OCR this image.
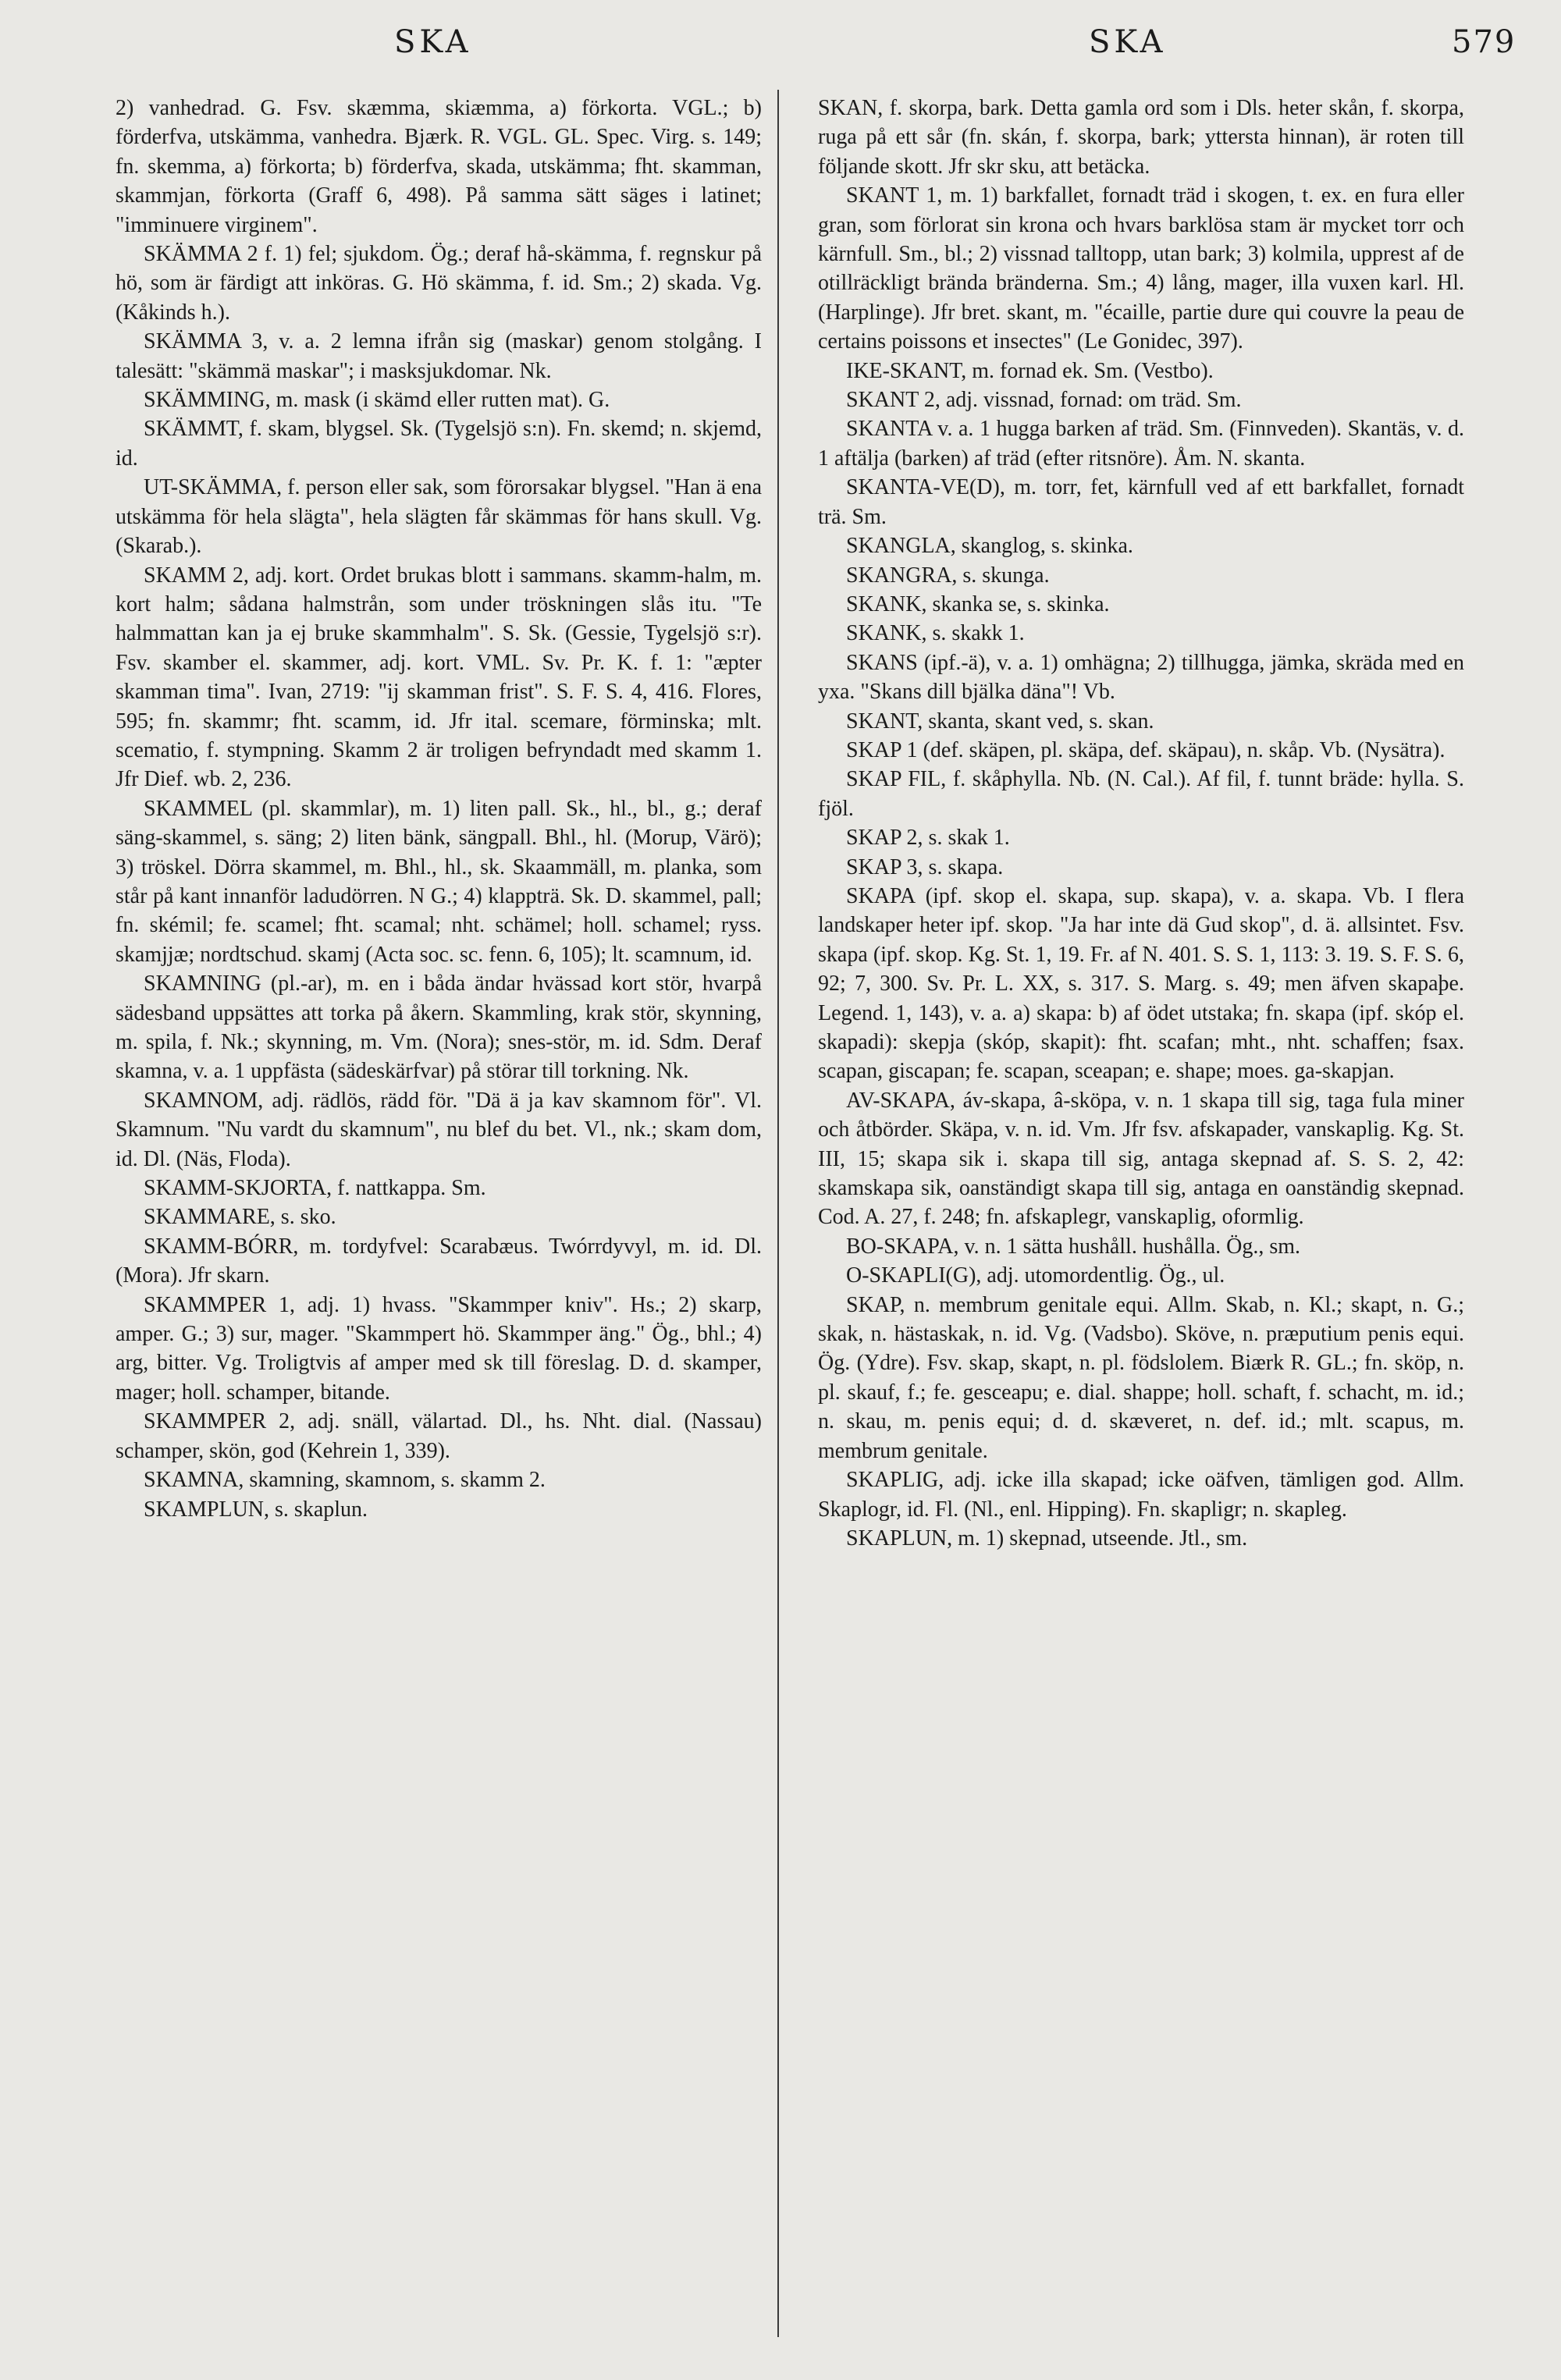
SKA	SKA	579

2) vanhedrad. G. Fsv. skæmma, skiæmma, a) förkorta. VGL.; b) förderfva, utskämma, vanhedra. Bjærk. R. VGL. GL. Spec. Virg. s. 149; fn. skemma, a) förkorta; b) förderfva, skada, utskämma; fht. skamman, skammjan, förkorta (Graff 6, 498). På samma sätt säges i latinet; "imminuere virginem".

SKÄMMA 2 f. 1) fel; sjukdom. Ög.; deraf hå-skämma, f. regnskur på hö, som är färdigt att inköras. G. Hö skämma, f. id. Sm.; 2) skada. Vg. (Kåkinds h.).

SKÄMMA 3, v. a. 2 lemna ifrån sig (maskar) genom stolgång. I talesätt: "skämmä maskar"; i masksjukdomar. Nk.

SKÄMMING, m. mask (i skämd eller rutten mat). G.

SKÄMMT, f. skam, blygsel. Sk. (Tygelsjö s:n). Fn. skemd; n. skjemd, id.

UT-SKÄMMA, f. person eller sak, som förorsakar blygsel. "Han ä ena utskämma för hela slägta", hela slägten får skämmas för hans skull. Vg. (Skarab.).

SKAMM 2, adj. kort. Ordet brukas blott i sammans. skamm-halm, m. kort halm; sådana halmstrån, som under tröskningen slås itu. "Te halmmattan kan ja ej bruke skammhalm". S. Sk. (Gessie, Tygelsjö s:r). Fsv. skamber el. skammer, adj. kort. VML. Sv. Pr. K. f. 1: "æpter skamman tima". Ivan, 2719: "ij skamman frist". S. F. S. 4, 416. Flores, 595; fn. skammr; fht. scamm, id. Jfr ital. scemare, förminska; mlt. scematio, f. stympning. Skamm 2 är troligen befryndadt med skamm 1. Jfr Dief. wb. 2, 236.

SKAMMEL (pl. skammlar), m. 1) liten pall. Sk., hl., bl., g.; deraf säng-skammel, s. säng; 2) liten bänk, sängpall. Bhl., hl. (Morup, Värö); 3) tröskel. Dörra skammel, m. Bhl., hl., sk. Skaammäll, m. planka, som står på kant innanför ladudörren. N G.; 4) klappträ. Sk. D. skammel, pall; fn. skémil; fe. scamel; fht. scamal; nht. schämel; holl. schamel; ryss. skamjjæ; nordtschud. skamj (Acta soc. sc. fenn. 6, 105); lt. scamnum, id.

SKAMNING (pl.-ar), m. en i båda ändar hvässad kort stör, hvarpå sädesband uppsättes att torka på åkern. Skammling, krak stör, skynning, m. spila, f. Nk.; skynning, m. Vm. (Nora); snes-stör, m. id. Sdm. Deraf skamna, v. a. 1 uppfästa (sädeskärfvar) på störar till torkning. Nk.

SKAMNOM, adj. rädlös, rädd för. "Dä ä ja kav skamnom för". Vl. Skamnum. "Nu vardt du skamnum", nu blef du bet. Vl., nk.; skam dom, id. Dl. (Näs, Floda).

SKAMM-SKJORTA, f. nattkappa. Sm.

SKAMMARE, s. sko.

SKAMM-BÓRR, m. tordyfvel: Scarabæus. Twórrdyvyl, m. id. Dl. (Mora). Jfr skarn.

SKAMMPER 1, adj. 1) hvass. "Skammper kniv". Hs.; 2) skarp, amper. G.; 3) sur, mager. "Skammpert hö. Skammper äng." Ög., bhl.; 4) arg, bitter. Vg. Troligtvis af amper med sk till föreslag. D. d. skamper, mager; holl. schamper, bitande.

SKAMMPER 2, adj. snäll, välartad. Dl., hs. Nht. dial. (Nassau) schamper, skön, god (Kehrein 1, 339).

SKAMNA, skamning, skamnom, s. skamm 2.

SKAMPLUN, s. skaplun.

SKAN, f. skorpa, bark. Detta gamla ord som i Dls. heter skån, f. skorpa, ruga på ett sår (fn. skán, f. skorpa, bark; yttersta hinnan), är roten till följande skott. Jfr skr sku, att betäcka.

SKANT 1, m. 1) barkfallet, fornadt träd i skogen, t. ex. en fura eller gran, som förlorat sin krona och hvars barklösa stam är mycket torr och kärnfull. Sm., bl.; 2) vissnad talltopp, utan bark; 3) kolmila, upprest af de otillräckligt brända bränderna. Sm.; 4) lång, mager, illa vuxen karl. Hl. (Harplinge). Jfr bret. skant, m. "écaille, partie dure qui couvre la peau de certains poissons et insectes" (Le Gonidec, 397).

IKE-SKANT, m. fornad ek. Sm. (Vestbo).

SKANT 2, adj. vissnad, fornad: om träd. Sm.

SKANTA v. a. 1 hugga barken af träd. Sm. (Finnveden). Skantäs, v. d. 1 aftälja (barken) af träd (efter ritsnöre). Åm. N. skanta.

SKANTA-VE(D), m. torr, fet, kärnfull ved af ett barkfallet, fornadt trä. Sm.

SKANGLA, skanglog, s. skinka.

SKANGRA, s. skunga.

SKANK, skanka se, s. skinka.

SKANK, s. skakk 1.

SKANS (ipf.-ä), v. a. 1) omhägna; 2) tillhugga, jämka, skräda med en yxa. "Skans dill bjälka däna"! Vb.

SKANT, skanta, skant ved, s. skan.

SKAP 1 (def. skäpen, pl. skäpa, def. skäpau), n. skåp. Vb. (Nysätra).

SKAP FIL, f. skåphylla. Nb. (N. Cal.). Af fil, f. tunnt bräde: hylla. S. fjöl.

SKAP 2, s. skak 1.

SKAP 3, s. skapa.

SKAPA (ipf. skop el. skapa, sup. skapa), v. a. skapa. Vb. I flera landskaper heter ipf. skop. "Ja har inte dä Gud skop", d. ä. allsintet. Fsv. skapa (ipf. skop. Kg. St. 1, 19. Fr. af N. 401. S. S. 1, 113: 3. 19. S. F. S. 6, 92; 7, 300. Sv. Pr. L. XX, s. 317. S. Marg. s. 49; men äfven skapaþe. Legend. 1, 143), v. a. a) skapa: b) af ödet utstaka; fn. skapa (ipf. skóp el. skapadi): skepja (skóp, skapit): fht. scafan; mht., nht. schaffen; fsax. scapan, giscapan; fe. scapan, sceapan; e. shape; moes. ga-skapjan.

AV-SKAPA, áv-skapa, â-sköpa, v. n. 1 skapa till sig, taga fula miner och åtbörder. Skäpa, v. n. id. Vm. Jfr fsv. afskapader, vanskaplig. Kg. St. III, 15; skapa sik i. skapa till sig, antaga skepnad af. S. S. 2, 42: skamskapa sik, oanständigt skapa till sig, antaga en oanständig skepnad. Cod. A. 27, f. 248; fn. afskaplegr, vanskaplig, oformlig.

BO-SKAPA, v. n. 1 sätta hushåll. hushålla. Ög., sm.

O-SKAPLI(G), adj. utomordentlig. Ög., ul.

SKAP, n. membrum genitale equi. Allm. Skab, n. Kl.; skapt, n. G.; skak, n. hästaskak, n. id. Vg. (Vadsbo). Sköve, n. præputium penis equi. Ög. (Ydre). Fsv. skap, skapt, n. pl. födslolem. Biærk R. GL.; fn. sköp, n. pl. skauf, f.; fe. gesceapu; e. dial. shappe; holl. schaft, f. schacht, m. id.; n. skau, m. penis equi; d. d. skæveret, n. def. id.; mlt. scapus, m. membrum genitale.

SKAPLIG, adj. icke illa skapad; icke oäfven, tämligen god. Allm. Skaplogr, id. Fl. (Nl., enl. Hipping). Fn. skapligr; n. skapleg.

SKAPLUN, m. 1) skepnad, utseende. Jtl., sm.
